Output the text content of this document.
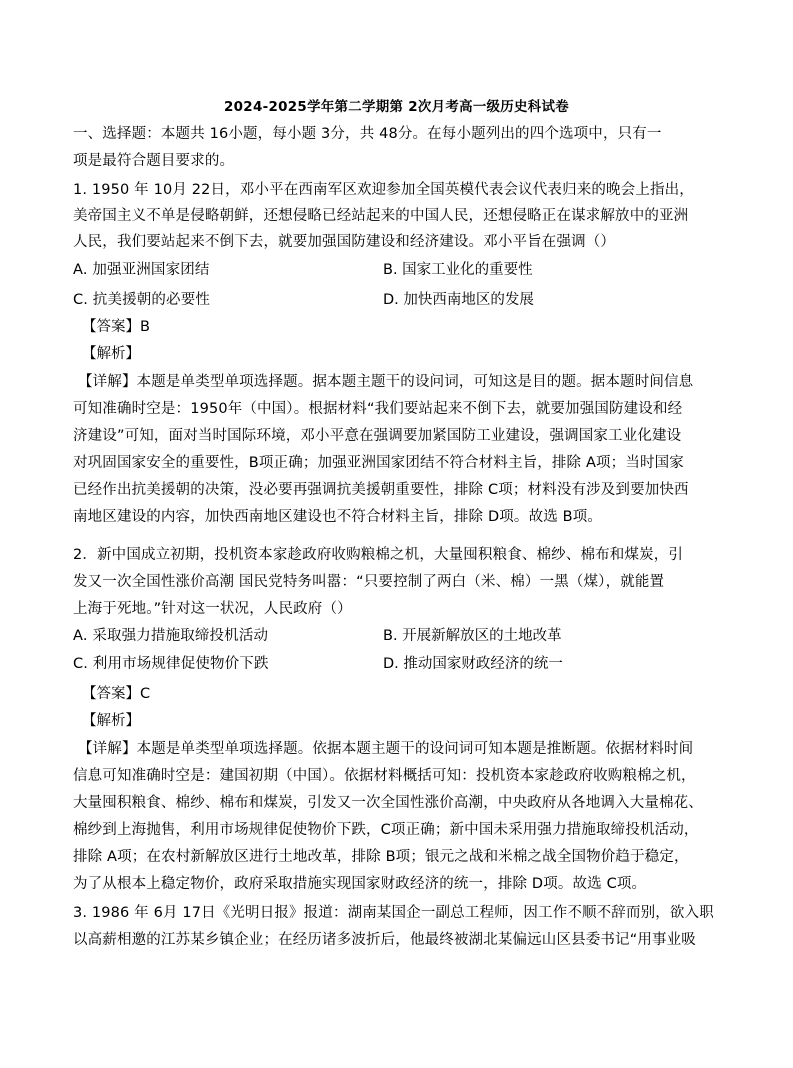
2024-2025学年第二学期第 2次月考高一级历史科试卷
一、选择题：本题共 16小题，每小题 3分，共 48分。在每小题列出的四个选项中，只有一
项是最符合题目要求的。
1. 1950 年 10月 22日，邓小平在西南军区欢迎参加全国英模代表会议代表归来的晚会上指出，
美帝国主义不单是侵略朝鲜，还想侵略已经站起来的中国人民，还想侵略正在谋求解放中的亚洲
人民，我们要站起来不倒下去，就要加强国防建设和经济建设。邓小平旨在强调（）
A. 加强亚洲国家团结	B. 国家工业化的重要性
C. 抗美援朝的必要性	D. 加快西南地区的发展
【答案】B
【解析】
【详解】本题是单类型单项选择题。据本题主题干的设问词，可知这是目的题。据本题时间信息
可知准确时空是：1950年（中国）。根据材料“我们要站起来不倒下去，就要加强国防建设和经
济建设”可知，面对当时国际环境，邓小平意在强调要加紧国防工业建设，强调国家工业化建设
对巩固国家安全的重要性，B项正确；加强亚洲国家团结不符合材料主旨，排除 A项；当时国家
已经作出抗美援朝的决策，没必要再强调抗美援朝重要性，排除 C项；材料没有涉及到要加快西
南地区建设的内容，加快西南地区建设也不符合材料主旨，排除 D项。故选 B项。
2．新中国成立初期，投机资本家趁政府收购粮棉之机，大量囤积粮食、棉纱、棉布和煤炭，引
发又一次全国性涨价高潮 国民党特务叫嚣：“只要控制了两白（米、棉）一黑（煤），就能置
上海于死地。”针对这一状况，人民政府（）
A. 采取强力措施取缔投机活动	B. 开展新解放区的土地改革
C. 利用市场规律促使物价下跌	D. 推动国家财政经济的统一
【答案】C
【解析】
【详解】本题是单类型单项选择题。依据本题主题干的设问词可知本题是推断题。依据材料时间
信息可知准确时空是：建国初期（中国）。依据材料概括可知：投机资本家趁政府收购粮棉之机，
大量囤积粮食、棉纱、棉布和煤炭，引发又一次全国性涨价高潮，中央政府从各地调入大量棉花、
棉纱到上海抛售，利用市场规律促使物价下跌，C项正确；新中国未采用强力措施取缔投机活动，
排除 A项；在农村新解放区进行土地改革，排除 B项；银元之战和米棉之战全国物价趋于稳定，
为了从根本上稳定物价，政府采取措施实现国家财政经济的统一，排除 D项。故选 C项。
3. 1986 年 6月 17日《光明日报》报道：湖南某国企一副总工程师，因工作不顺不辞而别，欲入职
以高薪相邀的江苏某乡镇企业；在经历诸多波折后，他最终被湖北某偏远山区县委书记“用事业吸
